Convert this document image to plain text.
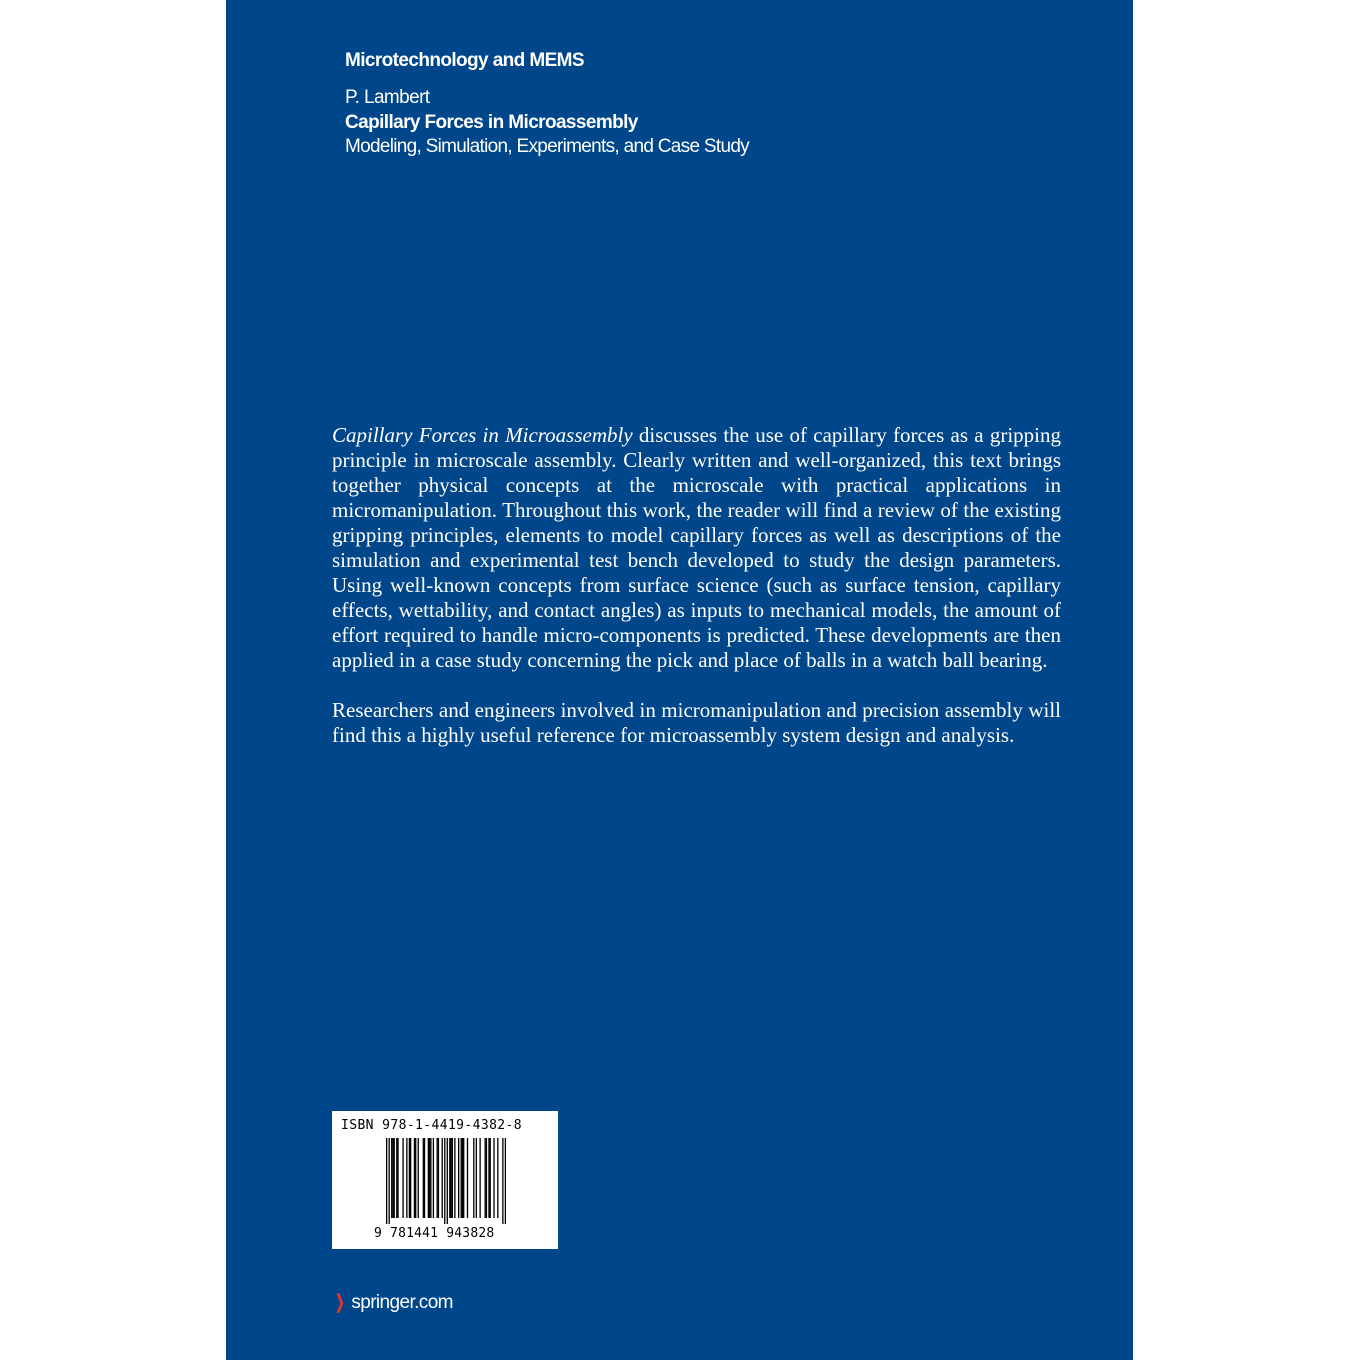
Microtechnology and MEMS
P. Lambert
Capillary Forces in Microassembly
Modeling, Simulation, Experiments, and Case Study

Capillary Forces in Microassembly discusses the use of capillary forces as a gripping principle in microscale assembly. Clearly written and well-organized, this text brings together physical concepts at the microscale with practical applications in micromanipulation. Throughout this work, the reader will find a review of the existing gripping principles, elements to model capillary forces as well as descriptions of the simulation and experimental test bench developed to study the design parameters. Using well-known concepts from surface science (such as surface tension, capillary effects, wettability, and contact angles) as inputs to mechanical models, the amount of effort required to handle micro-components is predicted. These developments are then applied in a case study concerning the pick and place of balls in a watch ball bearing.

Researchers and engineers involved in micromanipulation and precision assembly will find this a highly useful reference for microassembly system design and analysis.

ISBN 978-1-4419-4382-8
9 781441 943828
❯ springer.com
